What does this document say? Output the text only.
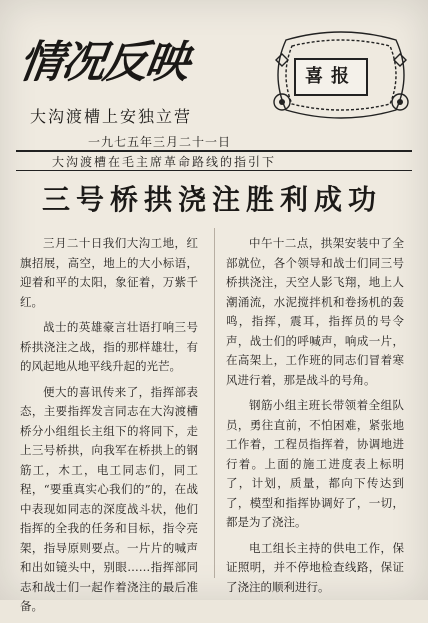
情况反映
大沟渡槽上安独立营
一九七五年三月二十一日
喜报
大沟渡槽在毛主席革命路线的指引下
三号桥拱浇注胜利成功

三月二十日我们大沟工地，红旗招展，高空，地上的大小标语，迎着和平的太阳，象征着，万紫千红。

战士的英雄豪言壮语打响三号桥拱浇注之战，指的那样雄壮，有的风起地从地平线升起的光芒。

便大的喜讯传来了，指挥部表态，主要指挥发言同志在大沟渡槽桥分小组组长主组下的将同下，走上三号桥拱，向我军在桥拱上的钢筋工，木工，电工同志们，同工程，“要重真实心我们的”的，在战中表现如同志的深度战斗状，他们指挥的全我的任务和目标，指令亮架，指导原则要点。一片片的喊声和出如镜头中，别眼……指挥部同志和战士们一起作着浇注的最后准备。

中午十二点，拱架安装中了全部就位，各个领导和战士们同三号桥拱浇注，天空人影飞翔，地上人潮涌流，水泥搅拌机和卷扬机的轰鸣，指挥，震耳，指挥员的号令声，战士们的呼喊声，响成一片，在高架上，工作班的同志们冒着寒风进行着，那是战斗的号角。

钢筋小组主班长带领着全组队员，勇往直前，不怕困难，紧张地工作着，工程员指挥着，协调地进行着。上面的施工进度表上标明了，计划，质量，都向下传达到了，模型和指挥协调好了，一切，都是为了浇注。

电工组长主持的供电工作，保证照明，并不停地检查线路，保证了浇注的顺利进行。
